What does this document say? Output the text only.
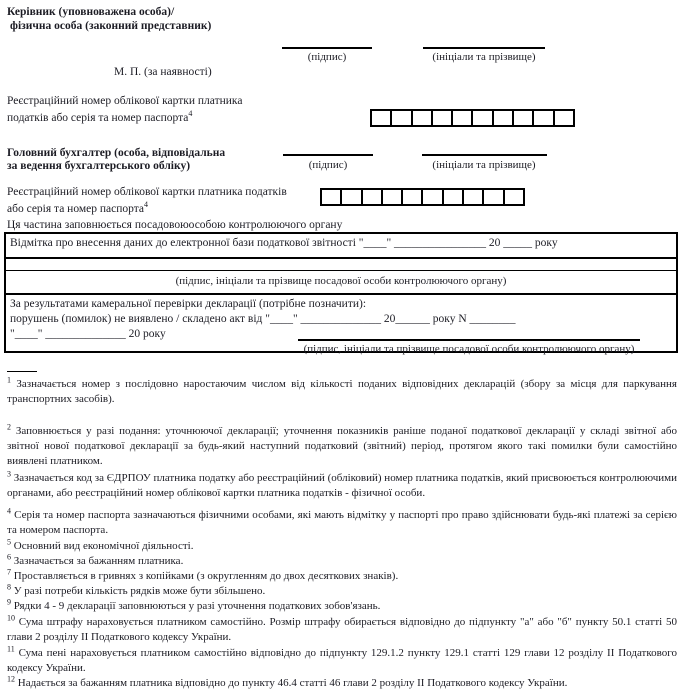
Керівник (уповноважена особа)/
фізична особа (законний представник)
(підпис)	(ініціали та прізвище)
М. П. (за наявності)
Реєстраційний номер облікової картки платника
податків або серія та номер паспорта$^4$
Головний бухгалтер (особа, відповідальна
за ведення бухгалтерського обліку)	(підпис)	(ініціали та прізвище)
Реєстраційний номер облікової картки платника податків
або серія та номер паспорта$^4$
Ця частина заповнюється посадовоюособою контролюючого органу
Відмітка про внесення даних до електронної бази податкової звітності "____" ________________ 20 _____ року
(підпис, ініціали та прізвище посадової особи контролюючого органу)
За результатами камеральної перевірки декларації (потрібне позначити):
порушень (помилок) не виявлено / складено акт від "____" ______________ 20______ року N ________
"____" ______________ 20 року
(підпис, ініціали та прізвище посадової особи контролюючого органу)

$^1$ Зазначається номер з послідовно наростаючим числом від кількості поданих відповідних декларацій (збору за місця для паркування транспортних засобів).

$^2$ Заповнюється у разі подання: уточнюючої декларації; уточнення показників раніше поданої податкової декларації у складі звітної або звітної нової податкової декларації за будь-який наступний податковий (звітний) період, протягом якого такі помилки були самостійно виявлені платником.

$^3$ Зазначається код за ЄДРПОУ платника податку або реєстраційний (обліковий) номер платника податків, який присвоюється контролюючими органами, або реєстраційний номер облікової картки платника податків - фізичної особи.

$^4$ Серія та номер паспорта зазначаються фізичними особами, які мають відмітку у паспорті про право здійснювати будь-які платежі за серією та номером паспорта.

$^5$ Основний вид економічної діяльності.

$^6$ Зазначається за бажанням платника.

$^7$ Проставляється в гривнях з копійками (з округленням до двох десяткових знаків).

$^8$ У разі потреби кількість рядків може бути збільшено.

$^9$ Рядки 4 - 9 декларації заповнюються у разі уточнення податкових зобов'язань.

$^{10}$ Сума штрафу нараховується платником самостійно. Розмір штрафу обирається відповідно до підпункту "а" або "б" пункту 50.1 статті 50 глави 2 розділу II Податкового кодексу України.

$^{11}$ Сума пені нараховується платником самостійно відповідно до підпункту 129.1.2 пункту 129.1 статті 129 глави 12 розділу II Податкового кодексу України.

$^{12}$ Надається за бажанням платника відповідно до пункту 46.4 статті 46 глави 2 розділу II Податкового кодексу України.
